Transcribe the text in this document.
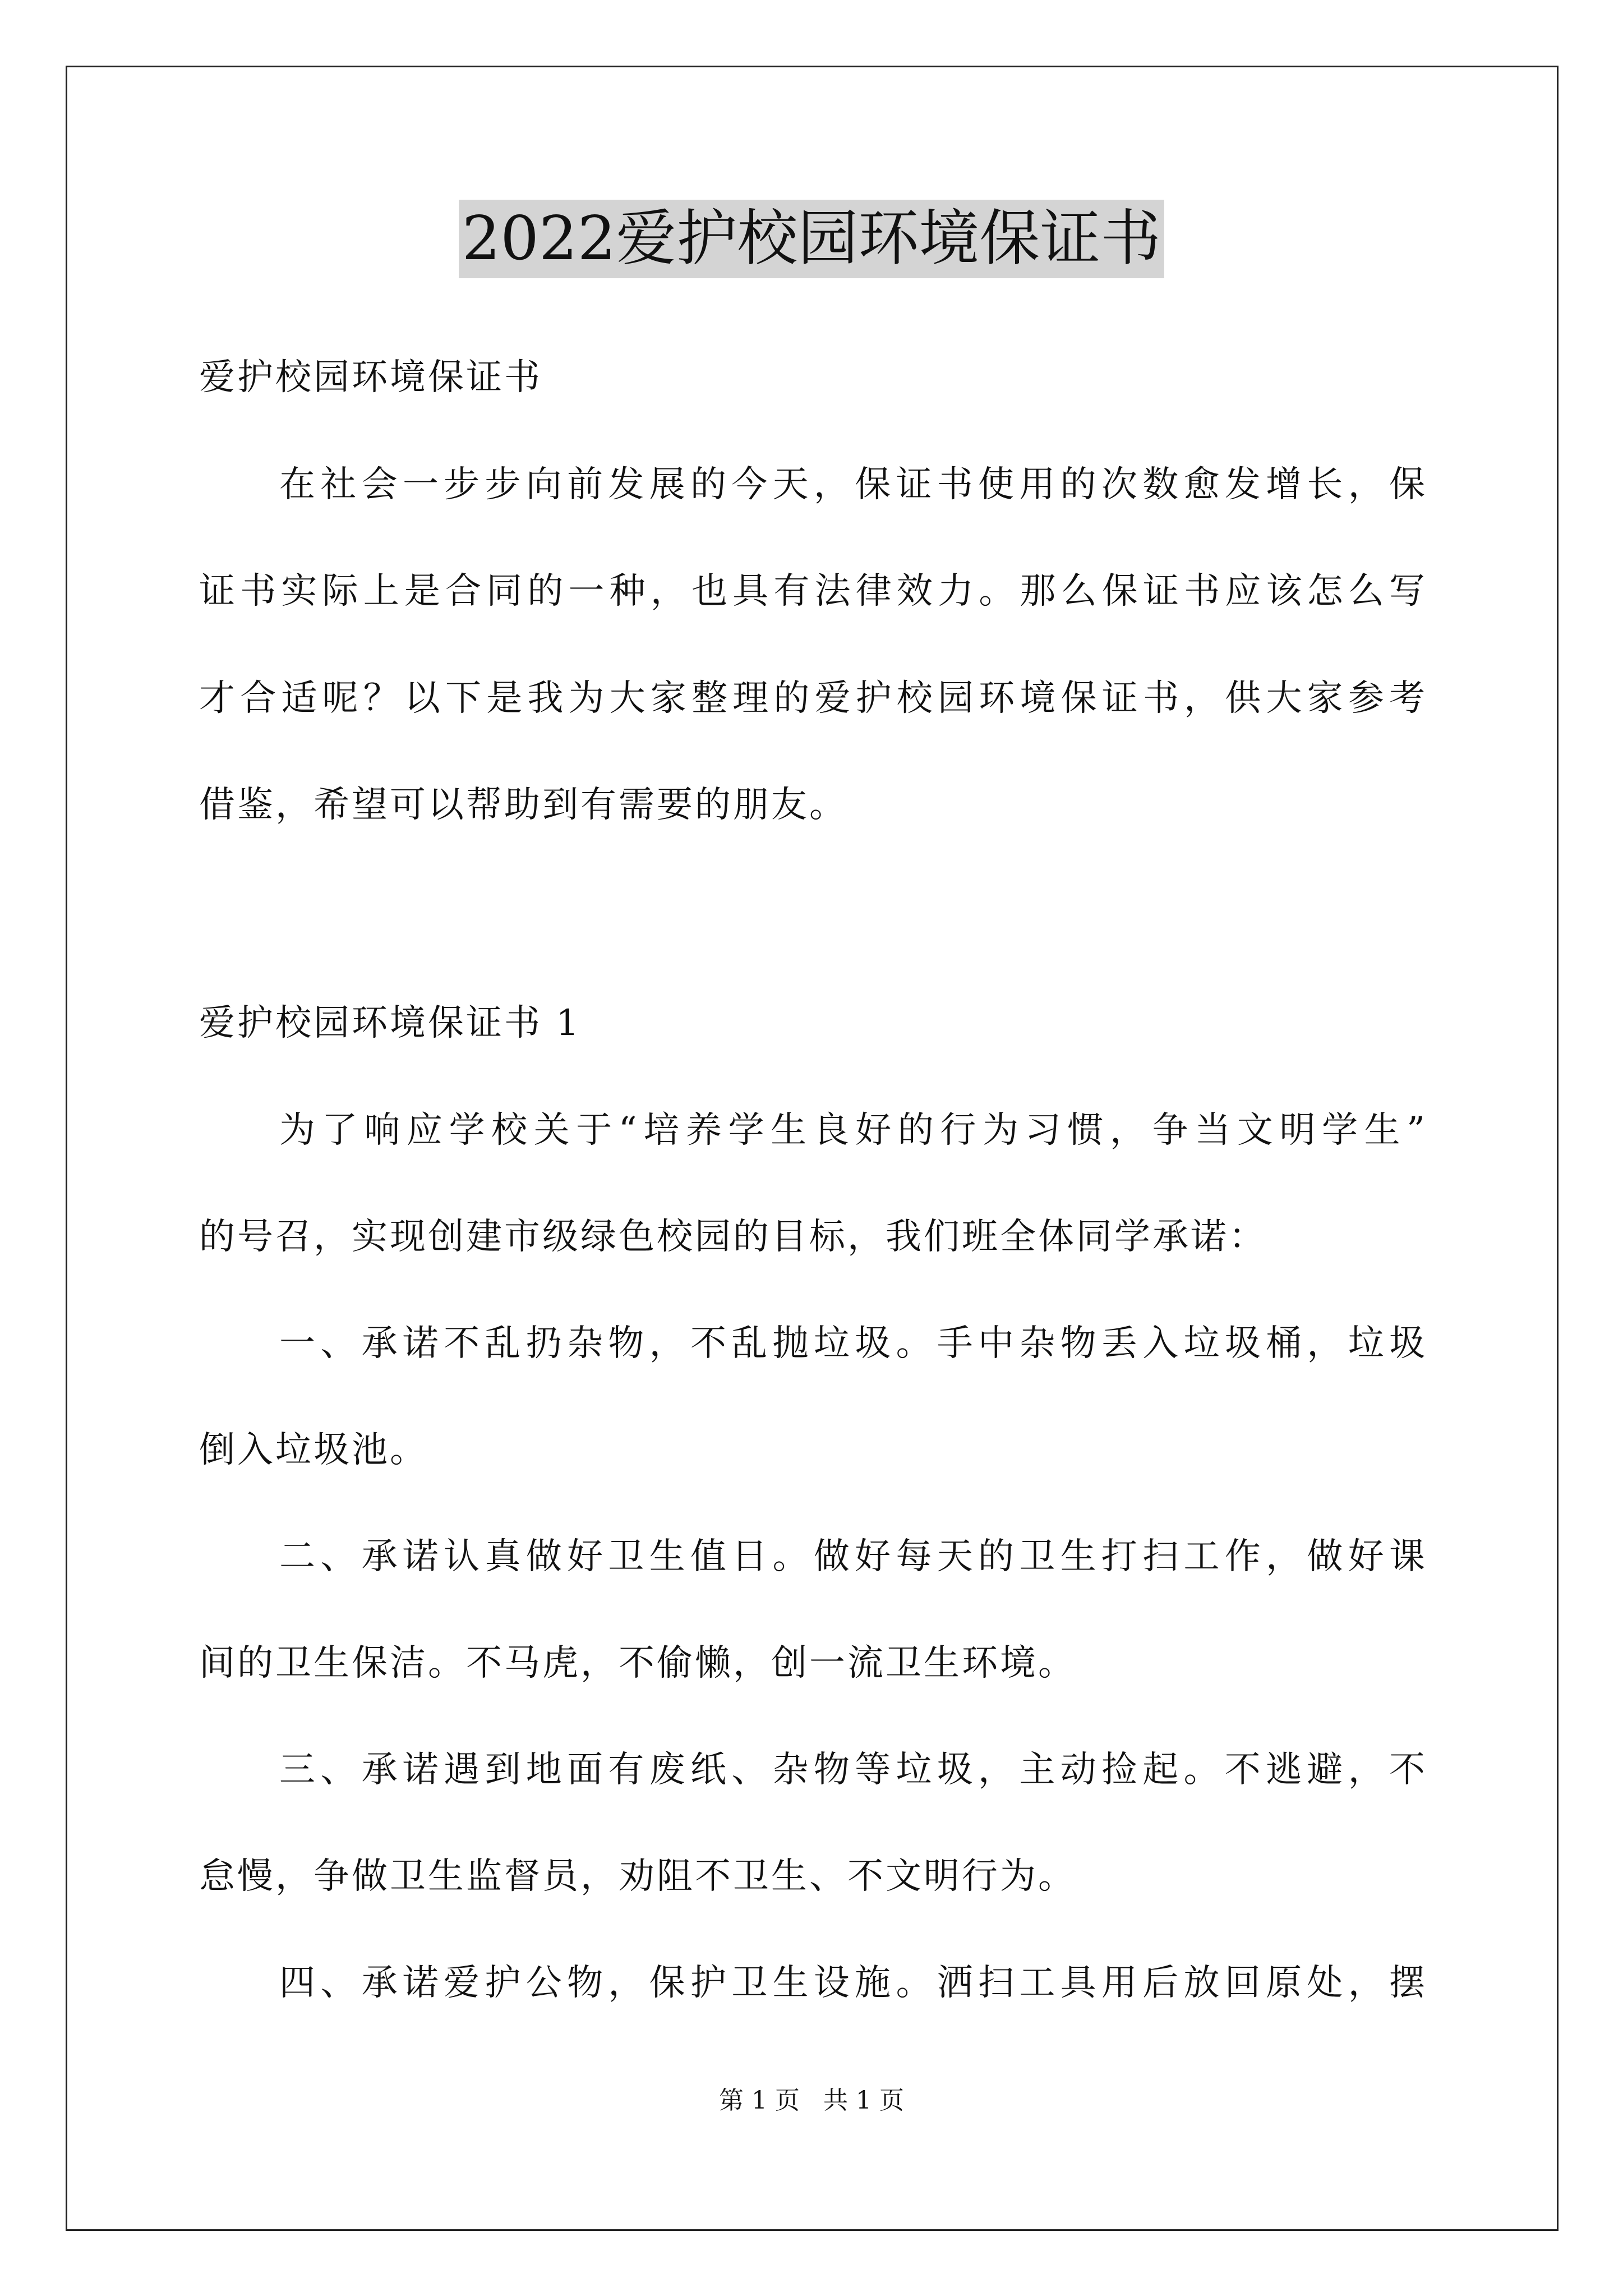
2022爱护校园环境保证书
爱护校园环境保证书
在社会一步步向前发展的今天，保证书使用的次数愈发增长，保
证书实际上是合同的一种，也具有法律效力。那么保证书应该怎么写
才合适呢？以下是我为大家整理的爱护校园环境保证书，供大家参考
借鉴，希望可以帮助到有需要的朋友。
爱护校园环境保证书 1
为了响应学校关于“培养学生良好的行为习惯，争当文明学生”
的号召，实现创建市级绿色校园的目标，我们班全体同学承诺：
一、承诺不乱扔杂物，不乱抛垃圾。手中杂物丢入垃圾桶，垃圾
倒入垃圾池。
二、承诺认真做好卫生值日。做好每天的卫生打扫工作，做好课
间的卫生保洁。不马虎，不偷懒，创一流卫生环境。
三、承诺遇到地面有废纸、杂物等垃圾，主动捡起。不逃避，不
怠慢，争做卫生监督员，劝阻不卫生、不文明行为。
四、承诺爱护公物，保护卫生设施。洒扫工具用后放回原处，摆
第 1 页   共 1 页
